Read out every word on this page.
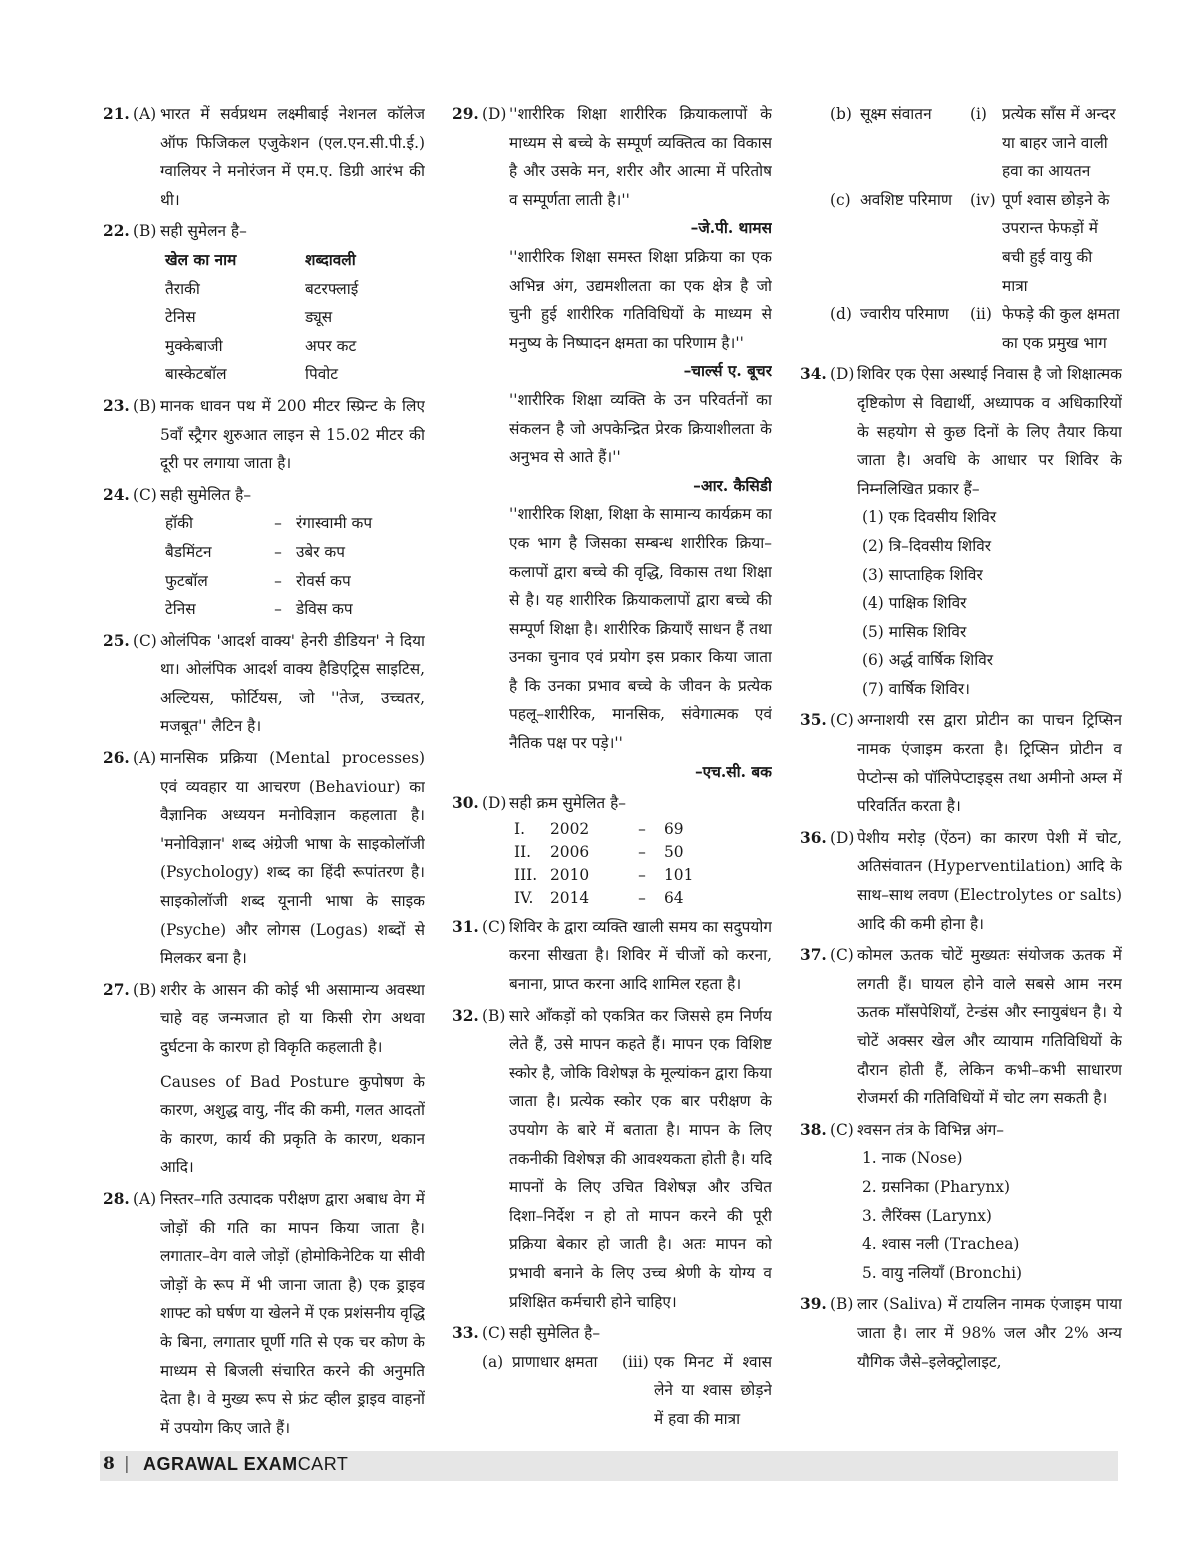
21. (A) भारत में सर्वप्रथम लक्ष्मीबाई नेशनल कॉलेज ऑफ फिजिकल एजुकेशन (एल.एन.सी.पी.ई.) ग्वालियर ने मनोरंजन में एम.ए. डिग्री आरंभ की थी।
22. (B) सही सुमेलन है–
खेल का नाम	शब्दावली
तैराकी	बटरफ्लाई
टेनिस	ड्यूस
मुक्केबाजी	अपर कट
बास्केटबॉल	पिवोट
23. (B) मानक धावन पथ में 200 मीटर स्प्रिन्ट के लिए 5वाँ स्ट्रैगर शुरुआत लाइन से 15.02 मीटर की दूरी पर लगाया जाता है।
24. (C) सही सुमेलित है–
हॉकी	– रंगास्वामी कप
बैडमिंटन	– उबेर कप
फुटबॉल	– रोवर्स कप
टेनिस	– डेविस कप
25. (C) ओलंपिक 'आदर्श वाक्य' हेनरी डीडियन' ने दिया था। ओलंपिक आदर्श वाक्य हैडिएट्रिस साइटिस, अल्टियस, फोर्टियस, जो ''तेज, उच्चतर, मजबूत'' लैटिन है।
26. (A) मानसिक प्रक्रिया (Mental processes) एवं व्यवहार या आचरण (Behaviour) का वैज्ञानिक अध्ययन मनोविज्ञान कहलाता है। 'मनोविज्ञान' शब्द अंग्रेजी भाषा के साइकोलॉजी (Psychology) शब्द का हिंदी रूपांतरण है। साइकोलॉजी शब्द यूनानी भाषा के साइक (Psyche) और लोगस (Logas) शब्दों से मिलकर बना है।
27. (B) शरीर के आसन की कोई भी असामान्य अवस्था चाहे वह जन्मजात हो या किसी रोग अथवा दुर्घटना के कारण हो विकृति कहलाती है।
Causes of Bad Posture कुपोषण के कारण, अशुद्ध वायु, नींद की कमी, गलत आदतों के कारण, कार्य की प्रकृति के कारण, थकान आदि।
28. (A) निस्तर–गति उत्पादक परीक्षण द्वारा अबाध वेग में जोड़ों की गति का मापन किया जाता है। लगातार–वेग वाले जोड़ों (होमोकिनेटिक या सीवी जोड़ों के रूप में भी जाना जाता है) एक ड्राइव शाफ्ट को घर्षण या खेलने में एक प्रशंसनीय वृद्धि के बिना, लगातार घूर्णी गति से एक चर कोण के माध्यम से बिजली संचारित करने की अनुमति देता है। वे मुख्य रूप से फ्रंट व्हील ड्राइव वाहनों में उपयोग किए जाते हैं।
29. (D) ''शारीरिक शिक्षा शारीरिक क्रियाकलापों के माध्यम से बच्चे के सम्पूर्ण व्यक्तित्व का विकास है और उसके मन, शरीर और आत्मा में परितोष व सम्पूर्णता लाती है।''
–जे.पी. थामस
''शारीरिक शिक्षा समस्त शिक्षा प्रक्रिया का एक अभिन्न अंग, उद्यमशीलता का एक क्षेत्र है जो चुनी हुई शारीरिक गतिविधियों के माध्यम से मनुष्य के निष्पादन क्षमता का परिणाम है।''
–चार्ल्स ए. बूचर
''शारीरिक शिक्षा व्यक्ति के उन परिवर्तनों का संकलन है जो अपकेन्द्रित प्रेरक क्रियाशीलता के अनुभव से आते हैं।''
–आर. कैसिडी
''शारीरिक शिक्षा, शिक्षा के सामान्य कार्यक्रम का एक भाग है जिसका सम्बन्ध शारीरिक क्रिया–कलापों द्वारा बच्चे की वृद्धि, विकास तथा शिक्षा से है। यह शारीरिक क्रियाकलापों द्वारा बच्चे की सम्पूर्ण शिक्षा है। शारीरिक क्रियाएँ साधन हैं तथा उनका चुनाव एवं प्रयोग इस प्रकार किया जाता है कि उनका प्रभाव बच्चे के जीवन के प्रत्येक पहलू–शारीरिक, मानसिक, संवेगात्मक एवं नैतिक पक्ष पर पड़े।''
–एच.सी. बक
30. (D) सही क्रम सुमेलित है–
I.	2002	–	69
II.	2006	–	50
III. 2010	–	101
IV.	2014	–	64
31. (C) शिविर के द्वारा व्यक्ति खाली समय का सदुपयोग करना सीखता है। शिविर में चीजों को करना, बनाना, प्राप्त करना आदि शामिल रहता है।
32. (B) सारे आँकड़ों को एकत्रित कर जिससे हम निर्णय लेते हैं, उसे मापन कहते हैं। मापन एक विशिष्ट स्कोर है, जोकि विशेषज्ञ के मूल्यांकन द्वारा किया जाता है। प्रत्येक स्कोर एक बार परीक्षण के उपयोग के बारे में बताता है। मापन के लिए तकनीकी विशेषज्ञ की आवश्यकता होती है। यदि मापनों के लिए उचित विशेषज्ञ और उचित दिशा–निर्देश न हो तो मापन करने की पूरी प्रक्रिया बेकार हो जाती है। अतः मापन को प्रभावी बनाने के लिए उच्च श्रेणी के योग्य व प्रशिक्षित कर्मचारी होने चाहिए।
33. (C) सही सुमेलित है–
(a) प्राणाधार क्षमता	(iii) एक मिनट में श्वास लेने या श्वास छोड़ने में हवा की मात्रा
(b) सूक्ष्म संवातन	(i) प्रत्येक साँस में अन्दर या बाहर जाने वाली हवा का आयतन
(c) अवशिष्ट परिमाण	(iv) पूर्ण श्वास छोड़ने के उपरान्त फेफड़ों में बची हुई वायु की मात्रा
(d) ज्वारीय परिमाण	(ii) फेफड़े की कुल क्षमता का एक प्रमुख भाग
34. (D) शिविर एक ऐसा अस्थाई निवास है जो शिक्षात्मक दृष्टिकोण से विद्यार्थी, अध्यापक व अधिकारियों के सहयोग से कुछ दिनों के लिए तैयार किया जाता है। अवधि के आधार पर शिविर के निम्नलिखित प्रकार हैं–
(1) एक दिवसीय शिविर
(2) त्रि–दिवसीय शिविर
(3) साप्ताहिक शिविर
(4) पाक्षिक शिविर
(5) मासिक शिविर
(6) अर्द्ध वार्षिक शिविर
(7) वार्षिक शिविर।
35. (C) अग्नाशयी रस द्वारा प्रोटीन का पाचन ट्रिप्सिन नामक एंजाइम करता है। ट्रिप्सिन प्रोटीन व पेप्टोन्स को पॉलिपेप्टाइड्स तथा अमीनो अम्ल में परिवर्तित करता है।
36. (D) पेशीय मरोड़ (ऐंठन) का कारण पेशी में चोट, अतिसंवातन (Hyperventilation) आदि के साथ–साथ लवण (Electrolytes or salts) आदि की कमी होना है।
37. (C) कोमल ऊतक चोटें मुख्यतः संयोजक ऊतक में लगती हैं। घायल होने वाले सबसे आम नरम ऊतक माँसपेशियाँ, टेन्डंस और स्नायुबंधन है। ये चोटें अक्सर खेल और व्यायाम गतिविधियों के दौरान होती हैं, लेकिन कभी–कभी साधारण रोजमर्रा की गतिविधियों में चोट लग सकती है।
38. (C) श्वसन तंत्र के विभिन्न अंग–
1. नाक (Nose)
2. ग्रसनिका (Pharynx)
3. लैरिंक्स (Larynx)
4. श्वास नली (Trachea)
5. वायु नलियाँ (Bronchi)
39. (B) लार (Saliva) में टायलिन नामक एंजाइम पाया जाता है। लार में 98% जल और 2% अन्य यौगिक जैसे–इलेक्ट्रोलाइट,
8 | AGRAWAL EXAMCART
